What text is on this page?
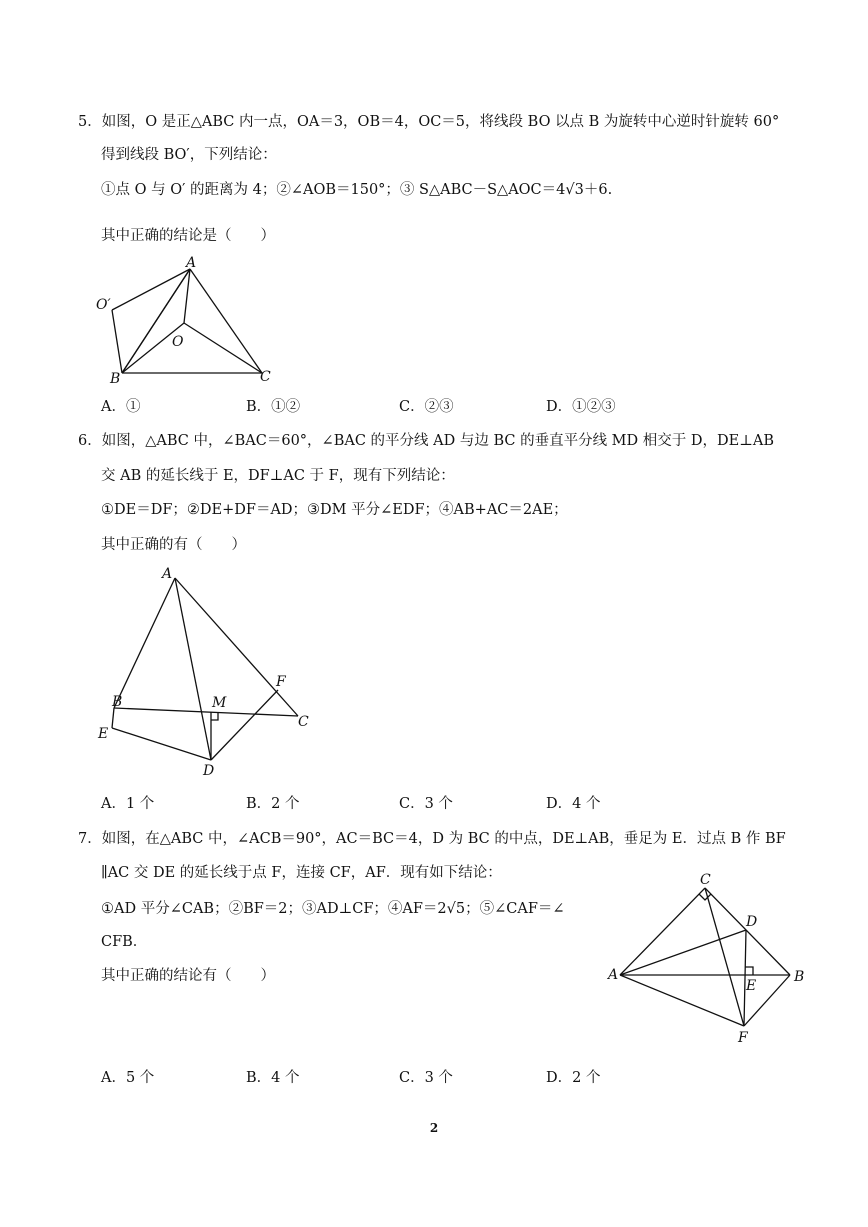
5．如图，O 是正△ABC 内一点，OA＝3，OB＝4，OC＝5，将线段 BO 以点 B 为旋转中心逆时针旋转 60°
得到线段 BO′，下列结论：
①点 O 与 O′ 的距离为 4；②∠AOB＝150°；③ S△ABC－S△AOC＝4√3＋6.
其中正确的结论是（　　）
A
O′
O
B	C
A．①	B．①②	C．②③	D．①②③
6．如图，△ABC 中，∠BAC＝60°，∠BAC 的平分线 AD 与边 BC 的垂直平分线 MD 相交于 D，DE⊥AB
交 AB 的延长线于 E，DF⊥AC 于 F，现有下列结论：
①DE＝DF；②DE+DF＝AD；③DM 平分∠EDF；④AB+AC＝2AE；
其中正确的有（　　）
A
F
B	M
C
E
D
A．1 个	B．2 个	C．3 个	D．4 个
7．如图，在△ABC 中，∠ACB＝90°，AC＝BC＝4，D 为 BC 的中点，DE⊥AB，垂足为 E．过点 B 作 BF
∥AC 交 DE 的延长线于点 F，连接 CF，AF．现有如下结论：
①AD 平分∠CAB；②BF＝2；③AD⊥CF；④AF＝2√5；⑤∠CAF＝∠
CFB．
其中正确的结论有（　　）
C
D
A
E
B
F
A．5 个	B．4 个	C．3 个	D．2 个
2
